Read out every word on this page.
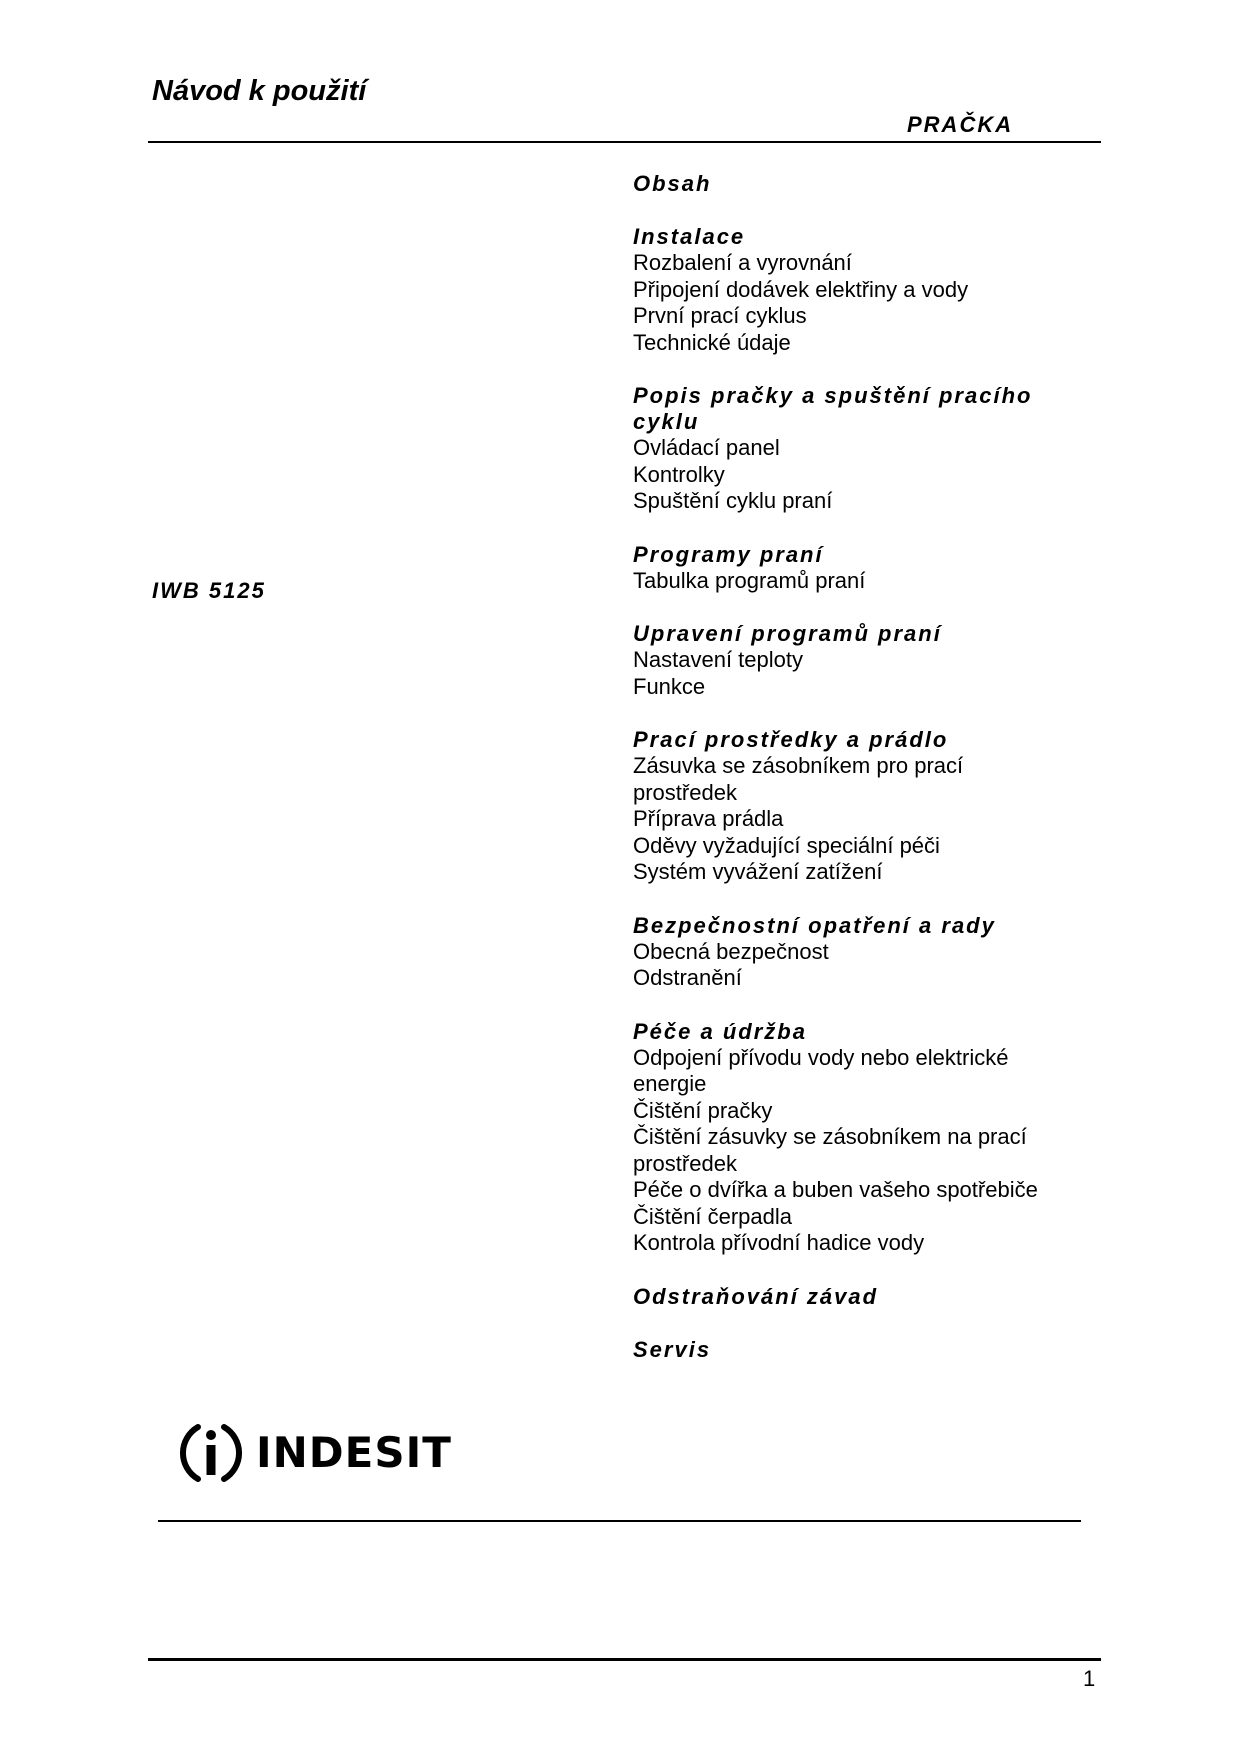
Návod k použití
PRAČKA
IWB 5125
Obsah
Instalace
Rozbalení a vyrovnání
Připojení dodávek elektřiny a vody
První prací cyklus
Technické údaje
Popis pračky a spuštění pracího cyklu
Ovládací panel
Kontrolky
Spuštění cyklu praní
Programy praní
Tabulka programů praní
Upravení programů praní
Nastavení teploty
Funkce
Prací prostředky a prádlo
Zásuvka se zásobníkem pro prací prostředek
Příprava prádla
Oděvy vyžadující speciální péči
Systém vyvážení zatížení
Bezpečnostní opatření a rady
Obecná bezpečnost
Odstranění
Péče a údržba
Odpojení přívodu vody nebo elektrické energie
Čištění pračky
Čištění zásuvky se zásobníkem na prací prostředek
Péče o dvířka a buben vašeho spotřebiče
Čištění čerpadla
Kontrola přívodní hadice vody
Odstraňování závad
Servis
INDESIT
1
